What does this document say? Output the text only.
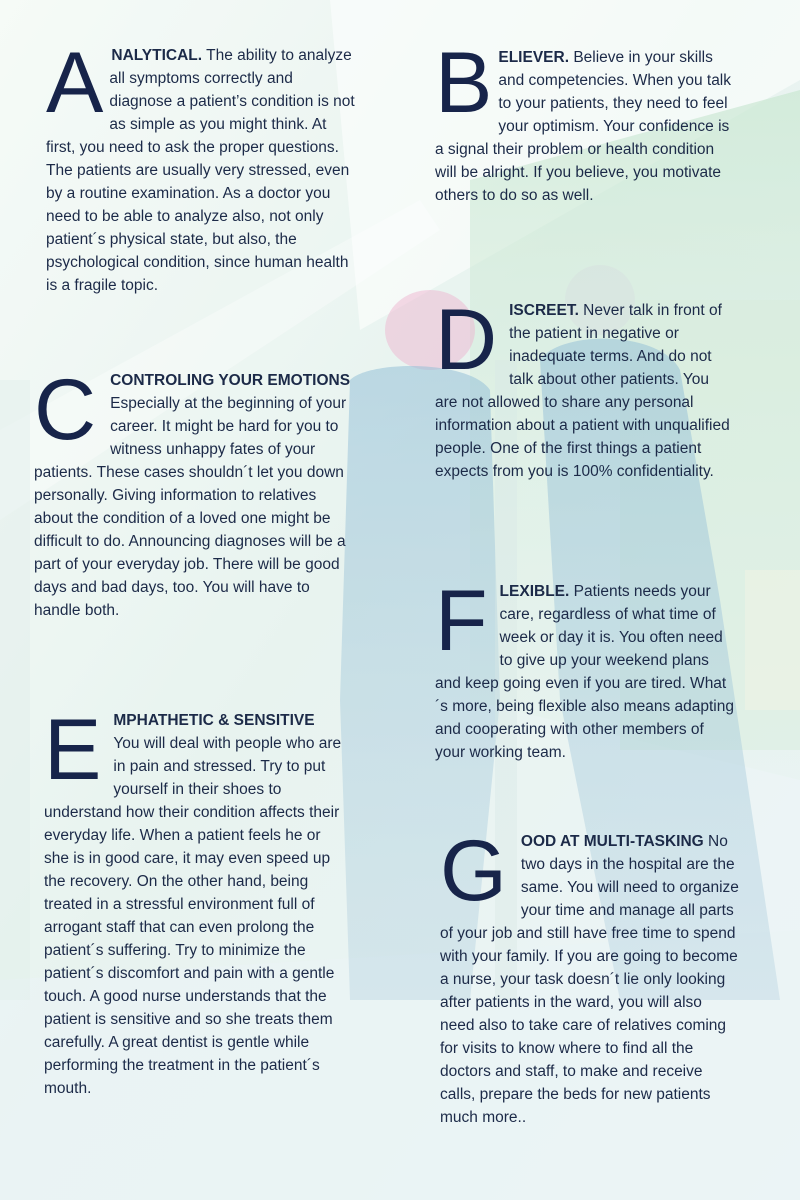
A NALYTICAL. The ability to analyze all symptoms correctly and diagnose a patient’s condition is not as simple as you might think. At first, you need to ask the proper questions. The patients are usually very stressed, even by a routine examination. As a doctor you need to be able to analyze also, not only patient´s physical state, but also, the psychological condition, since human health is a fragile topic.
B ELIEVER. Believe in your skills and competencies. When you talk to your patients, they need to feel your optimism. Your confidence is a signal their problem or health condition will be alright. If you believe, you motivate others to do so as well.
C CONTROLING YOUR EMOTIONS Especially at the beginning of your career. It might be hard for you to witness unhappy fates of your patients. These cases shouldn´t let you down personally. Giving information to relatives about the condition of a loved one might be difficult to do. Announcing diagnoses will be a part of your everyday job. There will be good days and bad days, too. You will have to handle both.
D ISCREET. Never talk in front of the patient in negative or inadequate terms. And do not talk about other patients. You are not allowed to share any personal information about a patient with unqualified people. One of the first things a patient expects from you is 100% confidentiality.
E MPHATHETIC & SENSITIVE You will deal with people who are in pain and stressed. Try to put yourself in their shoes to understand how their condition affects their everyday life. When a patient feels he or she is in good care, it may even speed up the recovery. On the other hand, being treated in a stressful environment full of arrogant staff that can even prolong the patient´s suffering. Try to minimize the patient´s discomfort and pain with a gentle touch. A good nurse understands that the patient is sensitive and so she treats them carefully. A great dentist is gentle while performing the treatment in the patient´s mouth.
F LEXIBLE. Patients needs your care, regardless of what time of week or day it is. You often need to give up your weekend plans and keep going even if you are tired. What´s more, being flexible also means adapting and cooperating with other members of your working team.
G OOD AT MULTI-TASKING No two days in the hospital are the same. You will need to organize your time and manage all parts of your job and still have free time to spend with your family. If you are going to become a nurse, your task doesn´t lie only looking after patients in the ward, you will also need also to take care of relatives coming for visits to know where to find all the doctors and staff, to make and receive calls, prepare the beds for new patients much more..
